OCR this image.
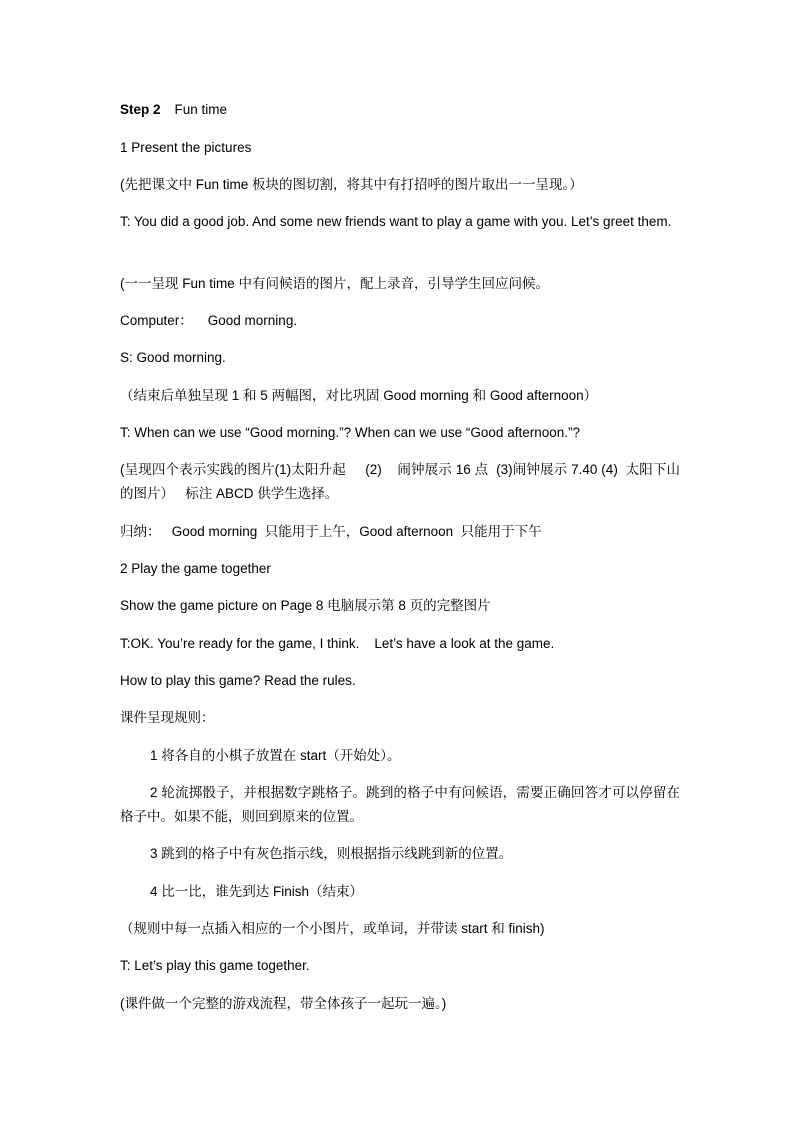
Step 2 Fun time
1 Present the pictures
(先把课文中 Fun time 板块的图切割，将其中有打招呼的图片取出一一呈现。）
T: You did a good job. And some new friends want to play a game with you. Let’s greet them.
(一一呈现 Fun time 中有问候语的图片，配上录音，引导学生回应问候。
Computer：    Good morning.
S: Good morning.
（结束后单独呈现 1 和 5 两幅图，对比巩固 Good morning 和 Good afternoon）
T: When can we use “Good morning.”? When can we use “Good afternoon.”?
(呈现四个表示实践的图片(1)太阳升起     (2)    闹钟展示 16 点  (3)闹钟展示 7.40 (4)  太阳下山的图片）   标注 ABCD 供学生选择。
归纳：   Good morning  只能用于上午，Good afternoon  只能用于下午
2 Play the game together
Show the game picture on Page 8 电脑展示第 8 页的完整图片
T:OK. You’re ready for the game, I think.    Let’s have a look at the game.
How to play this game? Read the rules.
课件呈现规则：
1 将各自的小棋子放置在 start（开始处）。
2 轮流掷骰子，并根据数字跳格子。跳到的格子中有问候语，需要正确回答才可以停留在格子中。如果不能，则回到原来的位置。
3 跳到的格子中有灰色指示线，则根据指示线跳到新的位置。
4 比一比，谁先到达 Finish（结束）
（规则中每一点插入相应的一个小图片，或单词，并带读 start 和 finish)
T: Let’s play this game together.
(课件做一个完整的游戏流程，带全体孩子一起玩一遍。)
